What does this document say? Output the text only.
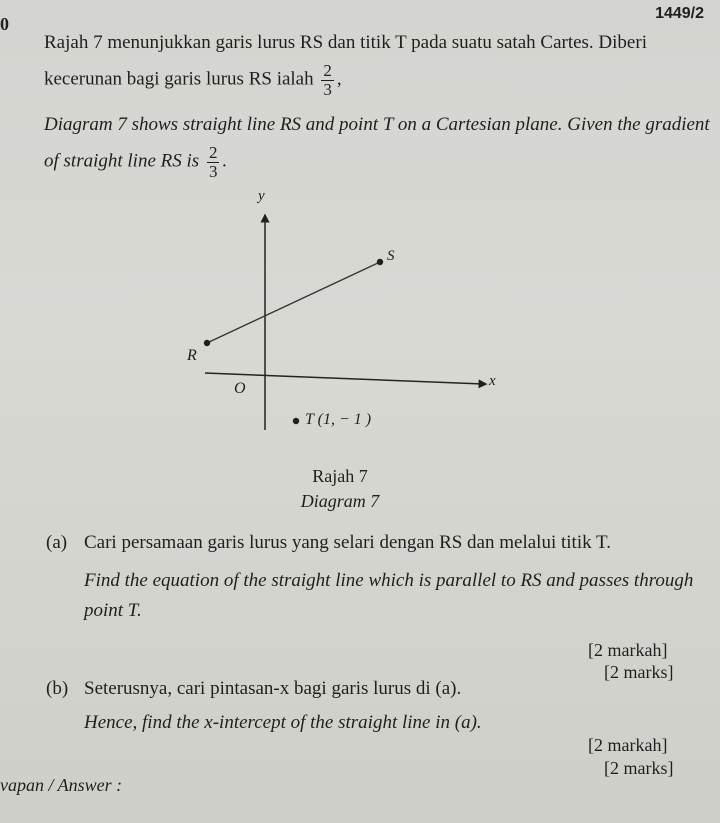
1449/2
0
Rajah 7 menunjukkan garis lurus RS dan titik T pada suatu satah Cartes. Diberi
kecerunan bagi garis lurus RS ialah $\frac{2}{3}$ ,
Diagram 7 shows straight line RS and point T on a Cartesian plane. Given the gradient
of straight line RS is $\frac{2}{3}$ .
y
x
O
S
R
T (1, − 1 )
Rajah 7
Diagram 7
(a) Cari persamaan garis lurus yang selari dengan RS dan melalui titik T.
Find the equation of the straight line which is parallel to RS and passes through
point T.
[2 markah]
[2 marks]
(b) Seterusnya, cari pintasan-x bagi garis lurus di (a).
Hence, find the x-intercept of the straight line in (a).
[2 markah]
[2 marks]
vapan / Answer :
